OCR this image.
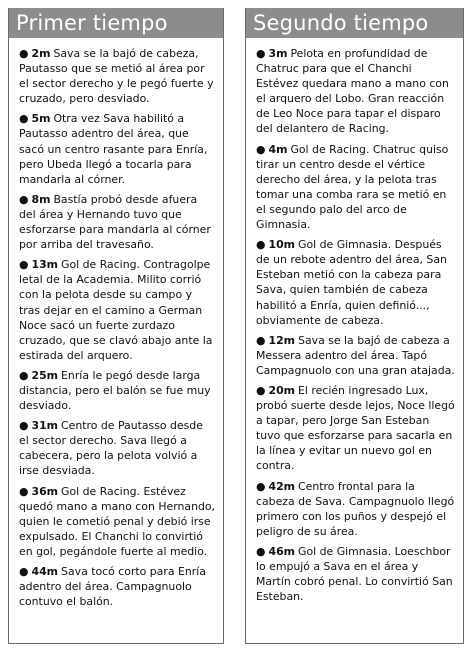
Primer tiempo

● 2m Sava se la bajó de cabeza, Pautasso que se metió al área por el sector derecho y le pegó fuerte y cruzado, pero desviado.

● 5m Otra vez Sava habilitó a Pautasso adentro del área, que sacó un centro rasante para Enría, pero Ubeda llegó a tocarla para mandarla al córner.

● 8m Bastía probó desde afuera del área y Hernando tuvo que esforzarse para mandarla al córner por arriba del travesaño.

● 13m Gol de Racing. Contragolpe letal de la Academia. Milito corrió con la pelota desde su campo y tras dejar en el camino a German Noce sacó un fuerte zurdazo cruzado, que se clavó abajo ante la estirada del arquero.

● 25m Enría le pegó desde larga distancia, pero el balón se fue muy desviado.

● 31m Centro de Pautasso desde el sector derecho. Sava llegó a cabecera, pero la pelota volvió a irse desviada.

● 36m Gol de Racing. Estévez quedó mano a mano con Hernando, quien le cometió penal y debió irse expulsado. El Chanchi lo convirtió en gol, pegándole fuerte al medio.

● 44m Sava tocó corto para Enría adentro del área. Campagnuolo contuvo el balón.

Segundo tiempo

● 3m Pelota en profundidad de Chatruc para que el Chanchi Estévez quedara mano a mano con el arquero del Lobo. Gran reacción de Leo Noce para tapar el disparo del delantero de Racing.

● 4m Gol de Racing. Chatruc quiso tirar un centro desde el vértice derecho del área, y la pelota tras tomar una comba rara se metió en el segundo palo del arco de Gimnasia.

● 10m Gol de Gimnasia. Después de un rebote adentro del área, San Esteban metió con la cabeza para Sava, quien también de cabeza habilitó a Enría, quien definió..., obviamente de cabeza.

● 12m Sava se la bajó de cabeza a Messera adentro del área. Tapó Campagnuolo con una gran atajada.

● 20m El recién ingresado Lux, probó suerte desde lejos, Noce llegó a tapar, pero Jorge San Esteban tuvo que esforzarse para sacarla en la línea y evitar un nuevo gol en contra.

● 42m Centro frontal para la cabeza de Sava. Campagnuolo llegó primero con los puños y despejó el peligro de su área.

● 46m Gol de Gimnasia. Loeschbor lo empujó a Sava en el área y Martín cobró penal. Lo convirtió San Esteban.
